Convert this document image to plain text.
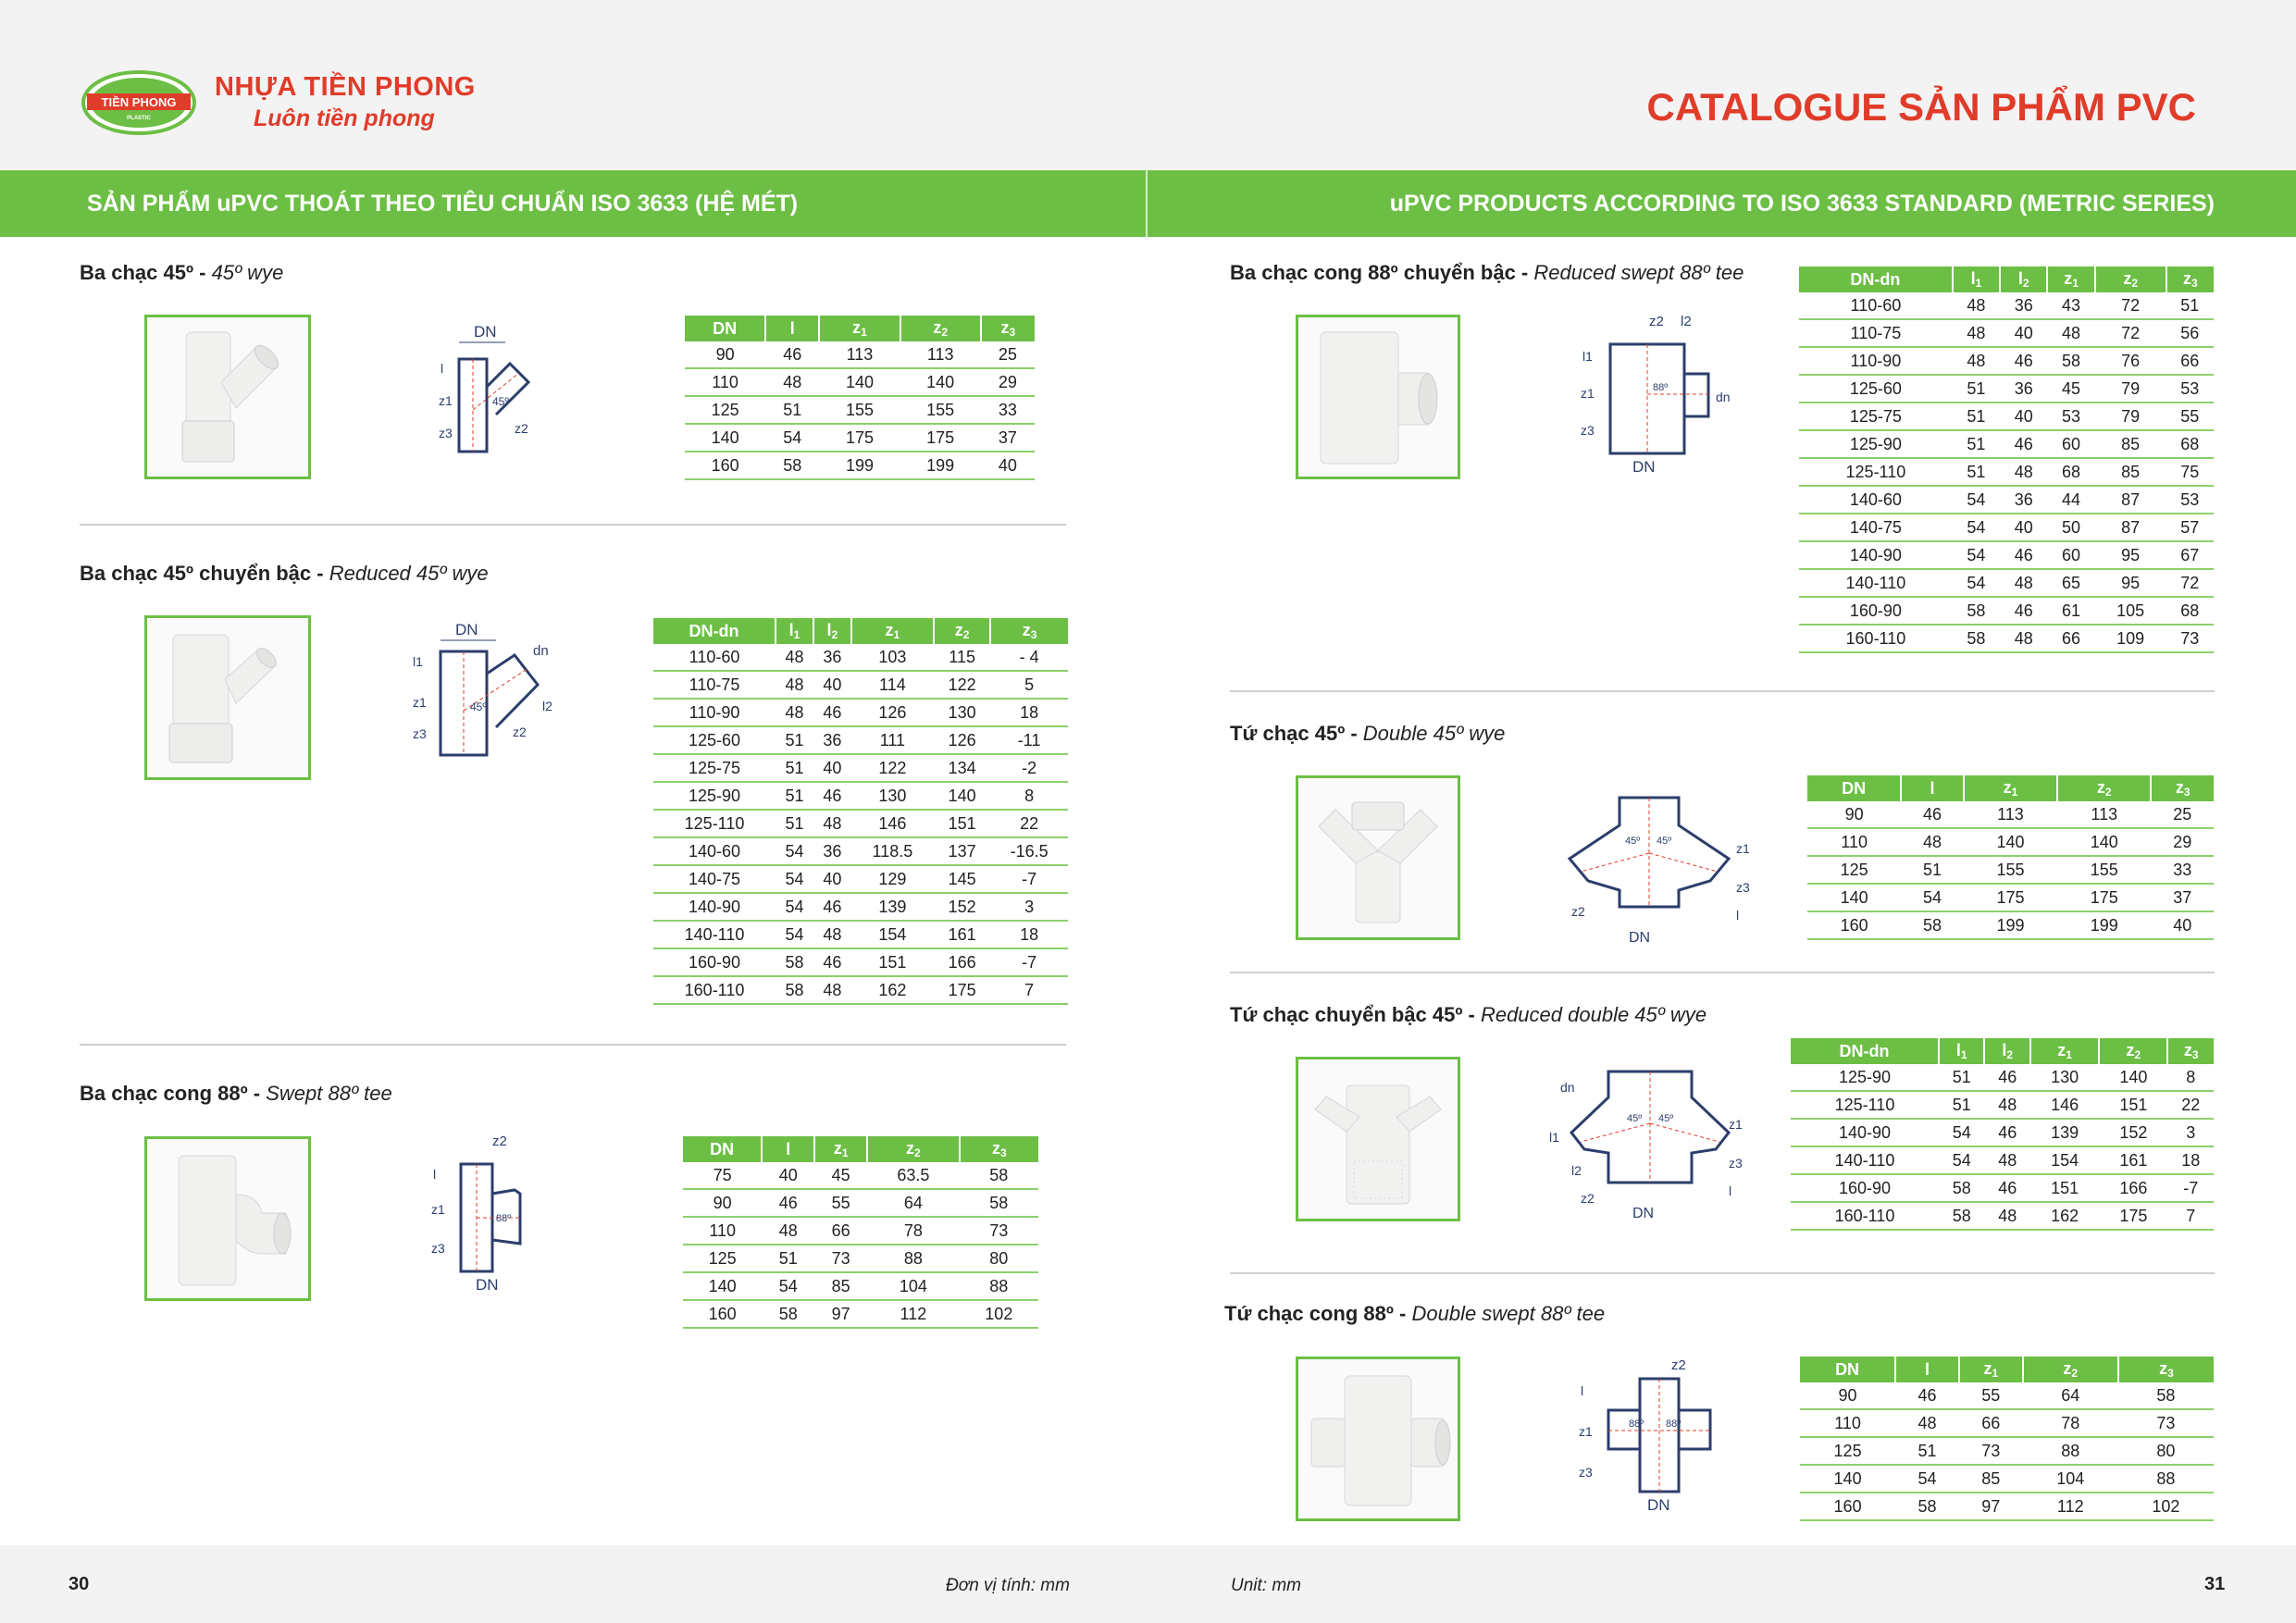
TIỀN PHONG
PLASTIC
NHỰA TIỀN PHONG
Luôn tiền phong	CATALOGUE SẢN PHẨM PVC
SẢN PHẨM uPVC THOÁT THEO TIÊU CHUẨN ISO 3633 (HỆ MÉT)	uPVC PRODUCTS ACCORDING TO ISO 3633 STANDARD (METRIC SERIES)
Ba chạc 45º - 45º wye
DN
l
z1
z3
45º
z2
DN	l	$z_1$	$z_2$	$z_3$
90	46	113	113	25
110	48	140	140	29
125	51	155	155	33
140	54	175	175	37
160	58	199	199	40
Ba chạc 45º chuyển bậc - Reduced 45º wye
DN
dn
l1
z1
z3
45º	l2
z2
DN-dn	$l_1$	$l_2$	$z_1$	$z_2$	$z_3$
110-60	48	36	103	115	- 4
110-75	48	40	114	122	5
110-90	48	46	126	130	18
125-60	51	36	111	126	-11
125-75	51	40	122	134	-2
125-90	51	46	130	140	8
125-110	51	48	146	151	22
140-60	54	36	118.5	137	-16.5
140-75	54	40	129	145	-7
140-90	54	46	139	152	3
140-110	54	48	154	161	18
160-90	58	46	151	166	-7
160-110	58	48	162	175	7
Ba chạc cong 88º - Swept 88º tee
z2
88º
l
z1
z3
DN
DN	l	$z_1$	$z_2$	$z_3$
75	40	45	63.5	58
90	46	55	64	58
110	48	66	78	73
125	51	73	88	80
140	54	85	104	88
160	58	97	112	102
Ba chạc cong 88º chuyển bậc - Reduced swept 88º tee
z2 l2
88º
l1
z1
z3
dn
DN
DN-dn	$l_1$	$l_2$	$z_1$	$z_2$	$z_3$
110-60	48	36	43	72	51
110-75	48	40	48	72	56
110-90	48	46	58	76	66
125-60	51	36	45	79	53
125-75	51	40	53	79	55
125-90	51	46	60	85	68
125-110	51	48	68	85	75
140-60	54	36	44	87	53
140-75	54	40	50	87	57
140-90	54	46	60	95	67
140-110	54	48	65	95	72
160-90	58	46	61	105	68
160-110	58	48	66	109	73
Tứ chạc 45º - Double 45º wye
45º 45º	z1
z3
l
z2
DN
DN	l	$z_1$	$z_2$	$z_3$
90	46	113	113	25
110	48	140	140	29
125	51	155	155	33
140	54	175	175	37
160	58	199	199	40
Tứ chạc chuyển bậc 45º - Reduced double 45º wye
45º 45º
dn
l1
l2
z2
z1
z3
l
DN
DN-dn	$l_1$	$l_2$	$z_1$	$z_2$	$z_3$
125-90	51	46	130	140	8
125-110	51	48	146	151	22
140-90	54	46	139	152	3
140-110	54	48	154	161	18
160-90	58	46	151	166	-7
160-110	58	48	162	175	7
Tứ chạc cong 88º - Double swept 88º tee
z2
88º 88º
l
z1
z3
DN
DN	l	$z_1$	$z_2$	$z_3$
90	46	55	64	58
110	48	66	78	73
125	51	73	88	80
140	54	85	104	88
160	58	97	112	102
30	Đơn vị tính: mm	Unit: mm	31
